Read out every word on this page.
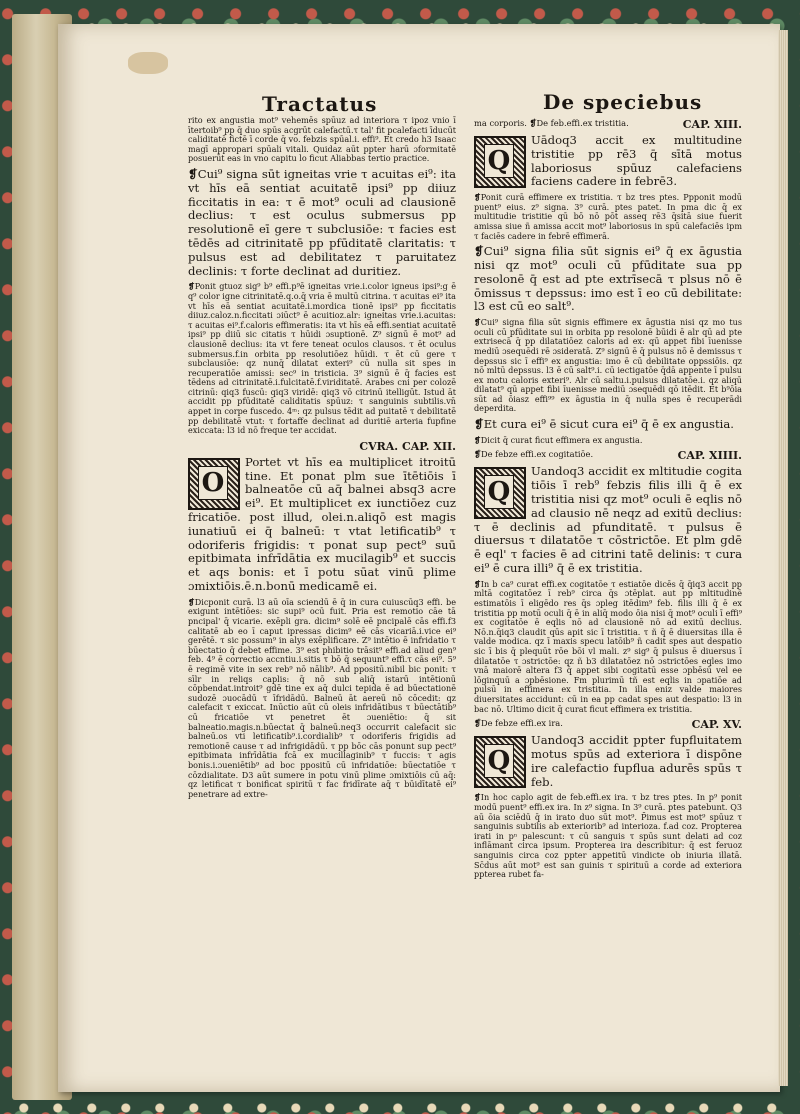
Tractatus	De speciebus

rito ex angustia mot⁹ vehemēs spūuz ad interiora τ ipoz vnio ī ītertoib⁹ pp q̄ duo spūs acgrūt calefactū.τ tal' fit pcalefacti īducūt caliditatē fictē ī corde q̄ vo. febzis spūal.i. effi⁹. Et credo h3 Isaac magī appropari spūali vitali. Quidaz aūt ppter harū ɔformitatē posuerūt eas in vno capitu lo ficut Aliabbas tertio practice.

❡Cui⁹ signa sūt igneitas vrie τ acuitas ei⁹: ita vt hīs eā sentiat acuitatē ipsi⁹ pp diiuz ficcitatis in ea: τ ē mot⁹ oculi ad clausionē declius: τ est oculus submersus pp resolutionē eī gere τ subclusiōe: τ facies est tēdēs ad citrinitatē pp pfūditatē claritatis: τ pulsus est ad debilitatez τ paruitatez declinis: τ forte declinat ad duritiez.

❡Ponit gtuoz sig⁹ b⁹ effi.p⁹ē igneitas vrie.i.color igneus ipsi⁹:g ē q⁹ color igne citrinitatē.q.o.q̄ vria ē multū citrina. τ acuitas ei⁹ ita vt hīs eā sentiat acuitatē.i.mordica tionē ipsi⁹ pp ficcitatis diiuz.caloz.n.ficcitati ɔiūct⁹ ē acuitioz.alr: igneitas vrie.i.acuitas: τ acuitas ei⁹.f.caloris effimeratis: ita vt hīs eā effi.sentiat acuitatē ipsi⁹ pp diiū sic citatis τ hūidi ɔsuptionē. Z⁹ signū ē mot⁹ ad clausionē declius: ita vt fere teneat oculos clausos. τ ēt oculus submersus.f.in orbita pp resolutiōez hūidi. τ ēt cū gere τ subclausiōe: qz nunq̄ dilatat exteri⁹ cū nulla sit spes in recuperatiōe amissi: sec⁹ in tristicia. 3⁹ signū ē q̄ facies est tēdens ad citrinitatē.i.fulcitatē.f.viriditatē. Arabes cni per colozē citrinū: qiq3 fuscū: qiq3 viridē: qiq3 vō citrinū itelligūt. Istud āt accidit pp pfūditatē caliditatis spūuz: τ sanguinis subtilis.vn̄ appet in corpe fuscedo. 4ᵐ: qz pulsus tēdit ad puitatē τ debilitatē pp debilitatē vtut: τ fortaffe declinat ad duritiē arteria fupfine exiccata: l3 id nō freque ter accidat.

CVRA. CAP. XII.
O

Portet vt hīs ea multiplicet itroitū tine. Et ponat plm sue ītētiōis ī balneatōe cū aq̄ balnei absq3 acre ei⁹. Et multiplicet ex iunctiōez cuz fricatiōe. post illud, olei.n.aliqō est magis iunatiuū ei q̄ balneū: τ vtat letificatib⁹ τ odoriferis frigidis: τ ponat sup pect⁹ suū epitbimata infrīdātia ex mucilagib⁹ et succis et aqs bonis: et ī potu sūat vinū plime ɔmixtiōis.ē.n.bonū medicamē ei.

❡Dicponit curā. l3 aū oīa sciendū ē q̄ in cura cuiuscūq3 effi. be exigunt intētiōes: sic supi⁹ ocū fuit. Pria est remotio cāe tā pncipal' q̄ vicarie. exēpli gra. dicim⁹ solē eē pncipalē cās effi.f3 calitatē ab eo ī caput ipressas dicim⁹ eē cās vicariā.i.vice ei⁹ gerētē. τ sic possum⁹ in alys exēplificare. Z⁹ intētio ē infridatio τ būectatio q̄ debet effime. 3⁹ est phibitio trāsit⁹ effi.ad aliud gen⁹ feb. 4⁹ ē correctio accntiu.i.sitis τ bō q̄ sequunt⁹ effi.τ cās ei⁹. 5⁹ ē regimē vite in sex reb⁹ nō nālib⁹. Ad ppositū.nibil bic ponit: τ sīlr in reliqs caplis: q̄ nō sub aliq̄ istarū intētionū cōpbendat.introit⁹ gdē tine ex aq̄ dulci tepida ē ad būectationē sudozē ɔuocādū τ īfridādū. Balneū āt aereū nō cōcedit: qz calefacit τ exiccat. Inūctio aūt cū oleis infridātibus τ būectātib⁹ cū fricatiōe vt penetret ēt ɔueniētio: q̄ sit balneatio.magis.n.būectat q̄ balneū.neq3 occurrit calefacit sic balneū.os vti letificatib⁹.i.cordialib⁹ τ odoriferis frigidis ad remotionē cause τ ad infrigidādū. τ pp bōc cās ponunt sup pect⁹ epitbimata infrīdātia fcā ex mucillaginib⁹ τ fuccis: τ agis bonis.i.ɔueniētib⁹ ad boc ppositū cū infridatiōe: būectatiōe τ cōzdialitate. D3 aūt sumere in potu vinū plime ɔmixtiōis cū aq̄: qz letificat τ bonificat spiritū τ fac fridīrate aq̄ τ būidītatē ei⁹ penetrare ad extre-

ma corporis. ❡De feb.effi.ex tristitia.	CAP. XIII.
Q

Uādoq3 accit ex multitudine tristitie pp rē3 q̄ sītā motus laboriosus spūuz calefaciens faciens cadere in febrē3.

❡Ponit curā effimere ex tristitia. τ bz tres ptes. Ppponit modū puent⁹ eius. z⁹ signa. 3⁹ curā. ptes patet. In pma dic q̄ ex multitudie tristitie qū bō nō pōt asseq rē3 q̄sitā siue fuerit amissa siue ñ amissa accit mot⁹ laboriosus in spū calefaciēs ipm τ faciēs cadere in febrē effimerā.

❡Cui⁹ signa filia sūt signis ei⁹ q̄ ex āgustia nisi qz mot⁹ oculi cū pfūditate sua pp resolonē q̄ est ad pte extrīsecā τ plsus nō ē ōmissus τ depssus: imo est ī eo cū debilitate: l3 est cū eo salt⁹.

❡Cui⁹ signa filia sūt signis effimere ex āgustia nisi qz mo tus oculi cū pfūditate sui in orbita pp resolonē būidi ē alr qū ad pte extrisecā q̄ pp dilatatiōez caloris ad ex: qū appet fibi īuenisse mediū ɔsequēdi rē ɔsideratā. Z⁹ signū ē q̄ pulsus nō ē demissus τ depssus sic ī effi⁹ ex angustia: imo ē cū debilitate oppssiōis. qz nō mltū depssus. l3 ē cū salt⁹.i. cū iectigatōe q̄dā appente ī pulsu ex motu caloris exteri⁹. Alr cū saltu.i.pulsus dilatatōe.i. qz aliqū dilatat⁹ qū appet fibi īuenisse mediū ɔsequēdi qō itēdit. Et b⁹ōia sūt ad ōiasz effi⁹⁹ ex āgustia in q̄ nulla spes ē recuperādi deperdita.

❡Et cura ei⁹ ē sicut cura ei⁹ q̄ ē ex angustia.

❡Dicit q̄ curat ficut effimera ex angustia.

❡De febze effi.ex cogitatiōe.	CAP. XIIII.
Q

Uandoq3 accidit ex mltitudie cogita tiōis ī reb⁹ febzis filis illi q̄ ē ex tristitia nisi qz mot⁹ oculi ē eqlis nō ad clausio nē neqz ad exitū declius: τ ē declinis ad pfunditatē. τ pulsus ē diuersus τ dilatatōe τ cōstrictōe. Et plm gdē ē eql' τ facies ē ad citrini tatē delinis: τ cura ei⁹ ē cura illi⁹ q̄ ē ex tristitia.

❡In b ca⁹ curat effi.ex cogitatōe τ estiatōe dicēs q̄ q̄iq3 accit pp mltā cogitatōez ī reb⁹ circa q̄s ɔtēplat. aut pp mltitudinē estimatōis ī eligēdo res q̄s ɔpleg itēdim⁹ feb. filis illi q̄ ē ex tristitia pp motū oculi q̄ ē in aliq̄ modo ōia nisi q̄ mot⁹ oculi ī effi⁹ ex cogitatōe ē eqlis nō ad clausionē nō ad exitū declius. Nō.n.q̄iq3 claudit qūs apit sic ī tristitia. τ ñ q̄ ē diuersitas illa ē valde modica. qz ī maxis specu latōib⁹ ñ cadit spes aut despatio sic ī bis q̄ plequūt rōe bōi vl mali. z⁹ sig⁹ q̄ pulsus ē diuersus ī dilatatōe τ ɔstrictōe: qz ñ b3 dilatatōez nō ɔstrictōes eqles imo vnā maiorē altera f3 q̄ appet sibi cogitatū esse ɔpbēsū vel ee lōginquū a ɔpbēsione. Fm plurimū tñ est eqlis in ɔpatiōe ad pulsū in effimera ex tristitia. In illa eniz valde maiores diuersitates accidunt: cū in ea pp cadat spes aut despatio: l3 in bac nō. Ultimo dicit q̄ curat ficut effimera ex tristitia.

❡De febze effi.ex ira.	CAP. XV.
Q

Uandoq3 accidit ppter fupfluitatem motus spūs ad exteriora ī dispōne ire calefactio fupflua adurēs spūs τ feb.

❡In hoc caplo agit de feb.effi.ex ira. τ bz tres ptes. In p⁹ ponit modū puent⁹ effi.ex ira. In z⁹ signa. In 3⁹ curā. ptes patebunt. Q3 aū ōia sciēdū q̄ in irato duo sūt mot⁹. P̄imus est mot⁹ spūuz τ sanguinis subtilis ab exteriorib⁹ ad interioza. f.ad coz. Propterea irati in pⁿ palescunt: τ cū sanguis τ spūs sunt delati ad coz inflāmant circa ipsum. Propterea ira describitur: q̄ est feruoz sanguinis circa coz ppter appetitū vindicte ob iniuria illatā. Sc̄dus aūt mot⁹ est san guinis τ spirituū a corde ad exteriora pptereа rubet fa-
